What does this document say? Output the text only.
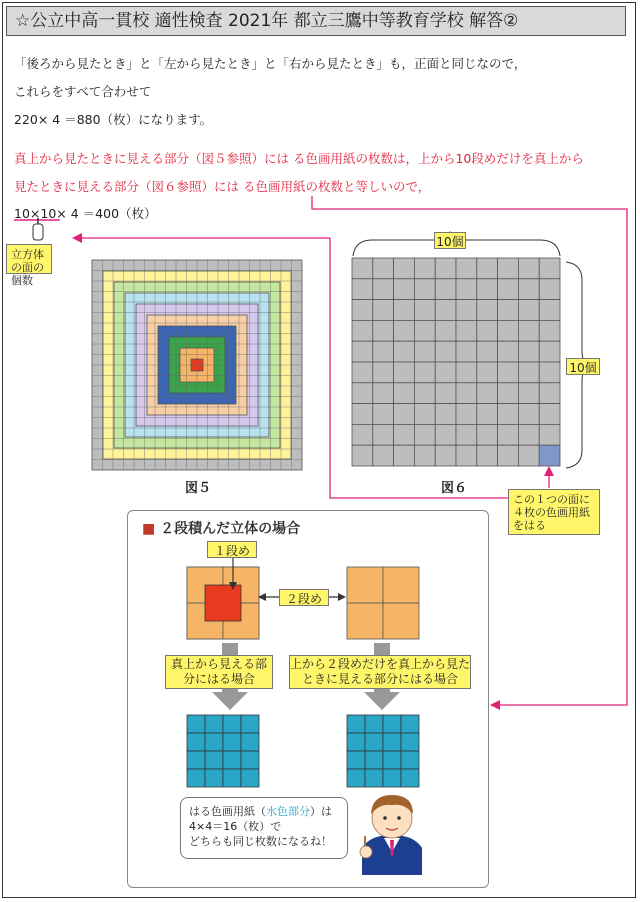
☆公立中高一貫校 適性検査 2021年 都立三鷹中等教育学校 解答②
「後ろから見たとき」と「左から見たとき」と「右から見たとき」も，正面と同じなので，
これらをすべて合わせて
220× 4 ＝880（枚）になります。
真上から見たときに見える部分（図５参照）には る色画用紙の枚数は，上から10段めだけを真上から
見たときに見える部分（図６参照）には る色画用紙の枚数と等しいので，
10×10× 4 ＝400（枚）
立方体の面の個数
図５	図６
10個
10個
この１つの面に４枚の色画用紙をはる
■ ２段積んだ立体の場合
１段め
２段め
真上から見える部分にはる場合
上から２段めだけを真上から見たときに見える部分にはる場合
はる色画用紙（水色部分）は
4×4＝16（枚）で
どちらも同じ枚数になるね！
